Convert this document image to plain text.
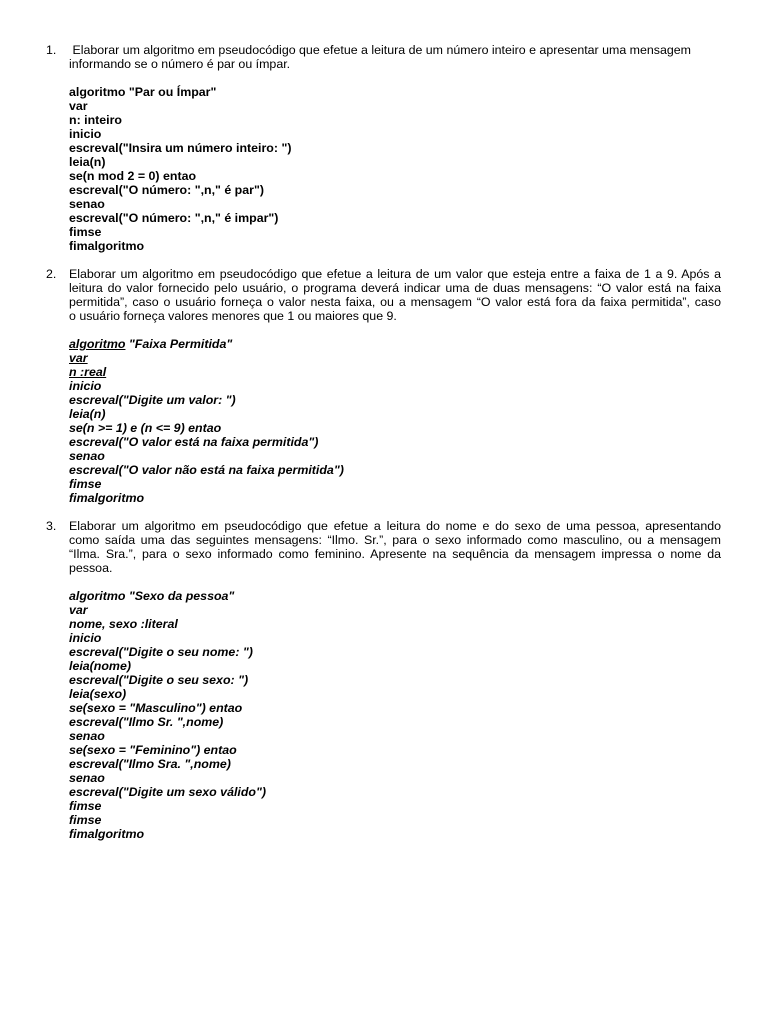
1. Elaborar um algoritmo em pseudocódigo que efetue a leitura de um número inteiro e apresentar uma mensagem
informando se o número é par ou ímpar.
algoritmo "Par ou Ímpar"
var
n: inteiro
inicio
escreval("Insira um número inteiro: ")
leia(n)
se(n mod 2 = 0) entao
escreval("O número: ",n," é par")
senao
escreval("O número: ",n," é impar")
fimse
fimalgoritmo
2. Elaborar um algoritmo em pseudocódigo que efetue a leitura de um valor que esteja entre a faixa de 1 a 9. Após a
leitura do valor fornecido pelo usuário, o programa deverá indicar uma de duas mensagens: “O valor está na faixa
permitida”, caso o usuário forneça o valor nesta faixa, ou a mensagem “O valor está fora da faixa permitida”, caso
o usuário forneça valores menores que 1 ou maiores que 9.
algoritmo "Faixa Permitida"
var
n :real
inicio
escreval("Digite um valor: ")
leia(n)
se(n >= 1) e (n <= 9) entao
escreval("O valor está na faixa permitida")
senao
escreval("O valor não está na faixa permitida")
fimse
fimalgoritmo
3. Elaborar um algoritmo em pseudocódigo que efetue a leitura do nome e do sexo de uma pessoa, apresentando
como saída uma das seguintes mensagens: “Ilmo. Sr.”, para o sexo informado como masculino, ou a mensagem
“Ilma. Sra.”, para o sexo informado como feminino. Apresente na sequência da mensagem impressa o nome da
pessoa.
algoritmo "Sexo da pessoa"
var
nome, sexo :literal
inicio
escreval("Digite o seu nome: ")
leia(nome)
escreval("Digite o seu sexo: ")
leia(sexo)
se(sexo = "Masculino") entao
escreval("Ilmo Sr. ",nome)
senao
se(sexo = "Feminino") entao
escreval("Ilmo Sra. ",nome)
senao
escreval("Digite um sexo válido")
fimse
fimse
fimalgoritmo
